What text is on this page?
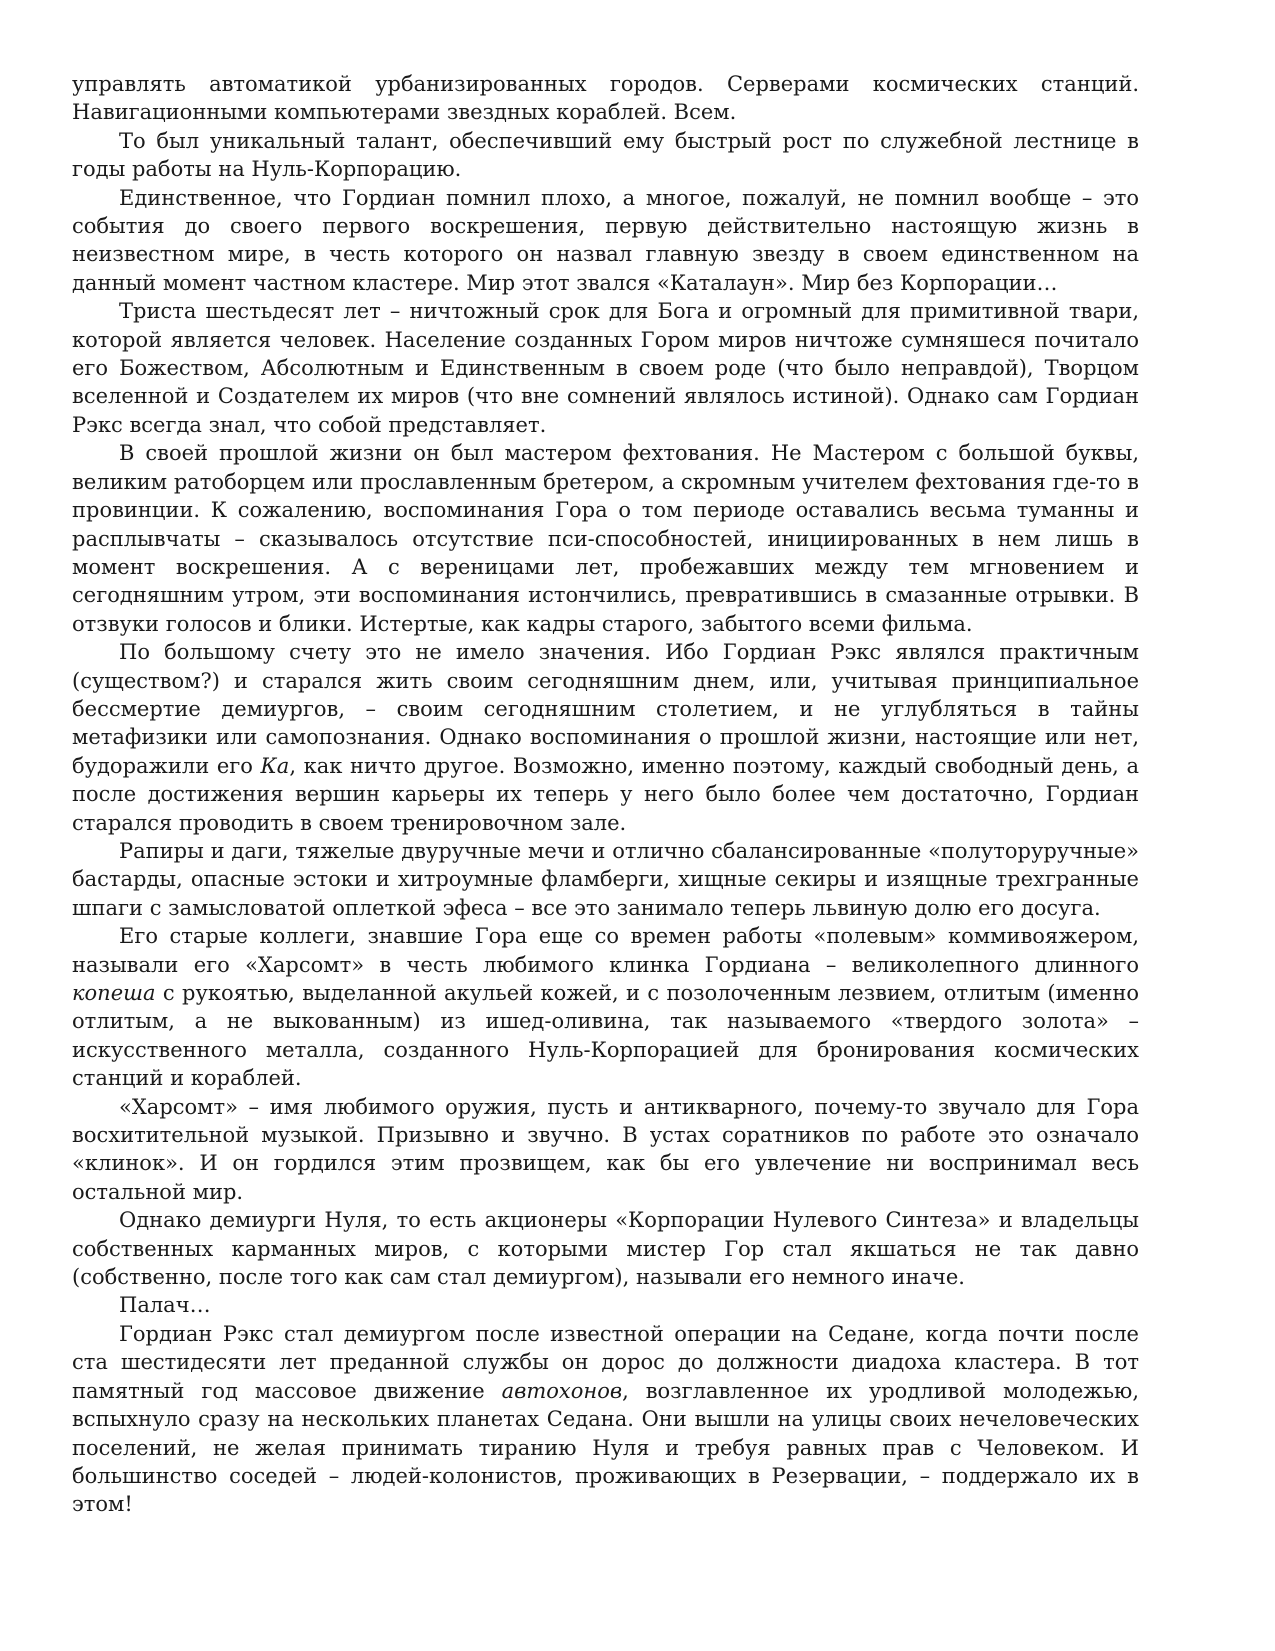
управлять автоматикой урбанизированных городов. Серверами космических станций. Навигационными компьютерами звездных кораблей. Всем.

То был уникальный талант, обеспечивший ему быстрый рост по служебной лестнице в годы работы на Нуль-Корпорацию.

Единственное, что Гордиан помнил плохо, а многое, пожалуй, не помнил вообще – это события до своего первого воскрешения, первую действительно настоящую жизнь в неизвестном мире, в честь которого он назвал главную звезду в своем единственном на данный момент частном кластере. Мир этот звался «Каталаун». Мир без Корпорации…

Триста шестьдесят лет – ничтожный срок для Бога и огромный для примитивной твари, которой является человек. Население созданных Гором миров ничтоже сумняшеся почитало его Божеством, Абсолютным и Единственным в своем роде (что было неправдой), Творцом вселенной и Создателем их миров (что вне сомнений являлось истиной). Однако сам Гордиан Рэкс всегда знал, что собой представляет.

В своей прошлой жизни он был мастером фехтования. Не Мастером с большой буквы, великим ратоборцем или прославленным бретером, а скромным учителем фехтования где-то в провинции. К сожалению, воспоминания Гора о том периоде оставались весьма туманны и расплывчаты – сказывалось отсутствие пси-способностей, инициированных в нем лишь в момент воскрешения. А с вереницами лет, пробежавших между тем мгновением и сегодняшним утром, эти воспоминания истончились, превратившись в смазанные отрывки. В отзвуки голосов и блики. Истертые, как кадры старого, забытого всеми фильма.

По большому счету это не имело значения. Ибо Гордиан Рэкс являлся практичным (существом?) и старался жить своим сегодняшним днем, или, учитывая принципиальное бессмертие демиургов, – своим сегодняшним столетием, и не углубляться в тайны метафизики или самопознания. Однако воспоминания о прошлой жизни, настоящие или нет, будоражили его Ка, как ничто другое. Возможно, именно поэтому, каждый свободный день, а после достижения вершин карьеры их теперь у него было более чем достаточно, Гордиан старался проводить в своем тренировочном зале.

Рапиры и даги, тяжелые двуручные мечи и отлично сбалансированные «полуторуручные» бастарды, опасные эстоки и хитроумные фламберги, хищные секиры и изящные трехгранные шпаги с замысловатой оплеткой эфеса – все это занимало теперь львиную долю его досуга.

Его старые коллеги, знавшие Гора еще со времен работы «полевым» коммивояжером, называли его «Харсомт» в честь любимого клинка Гордиана – великолепного длинного копеша с рукоятью, выделанной акульей кожей, и с позолоченным лезвием, отлитым (именно отлитым, а не выкованным) из ишед-оливина, так называемого «твердого золота» – искусственного металла, созданного Нуль-Корпорацией для бронирования космических станций и кораблей.

«Харсомт» – имя любимого оружия, пусть и антикварного, почему-то звучало для Гора восхитительной музыкой. Призывно и звучно. В устах соратников по работе это означало «клинок». И он гордился этим прозвищем, как бы его увлечение ни воспринимал весь остальной мир.

Однако демиурги Нуля, то есть акционеры «Корпорации Нулевого Синтеза» и владельцы собственных карманных миров, с которыми мистер Гор стал якшаться не так давно (собственно, после того как сам стал демиургом), называли его немного иначе.

Палач…

Гордиан Рэкс стал демиургом после известной операции на Седане, когда почти после ста шестидесяти лет преданной службы он дорос до должности диадоха кластера. В тот памятный год массовое движение автохонов, возглавленное их уродливой молодежью, вспыхнуло сразу на нескольких планетах Седана. Они вышли на улицы своих нечеловеческих поселений, не желая принимать тиранию Нуля и требуя равных прав с Человеком. И большинство соседей – людей-колонистов, проживающих в Резервации, – поддержало их в этом!
